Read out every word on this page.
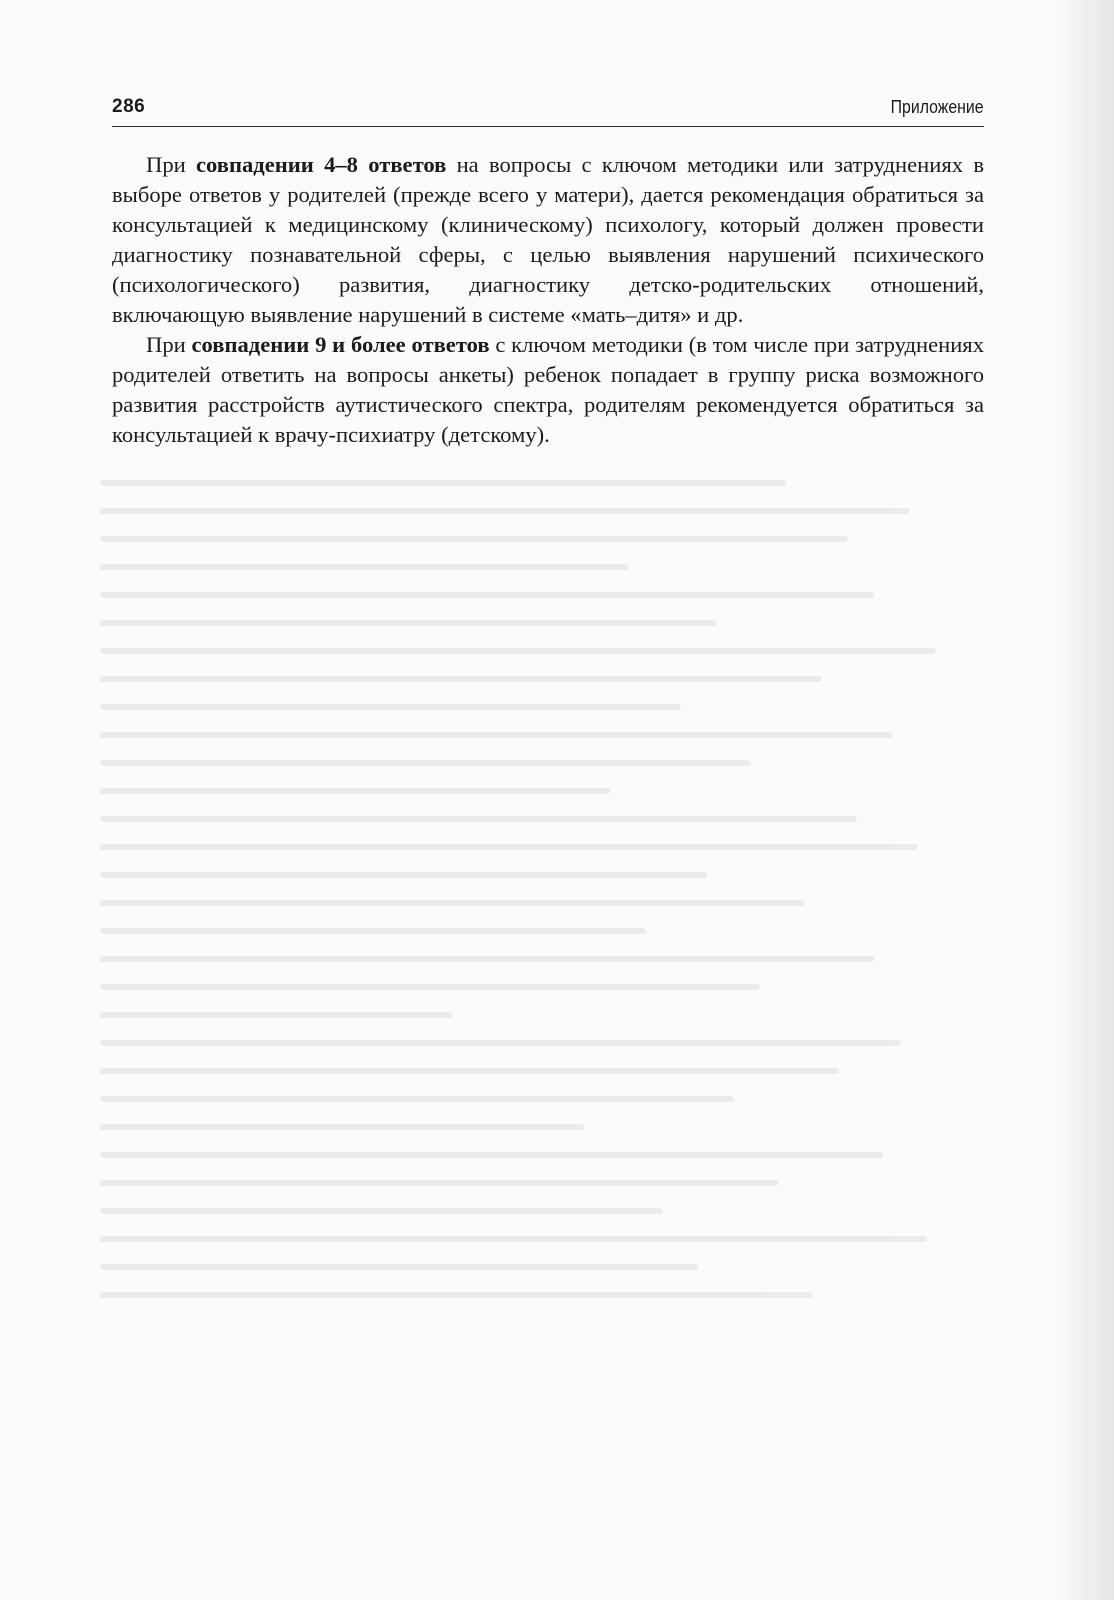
286	Приложение

При совпадении 4–8 ответов на вопросы с ключом методики или затруднениях в выборе ответов у родителей (прежде всего у матери), дается рекомендация обратиться за консультацией к медицинскому (клиническому) психологу, который должен провести диагностику познавательной сферы, с целью выявления нарушений психического (психологического) развития, диагностику детско-родительских отношений, включающую выявление нарушений в системе «мать–дитя» и др.

При совпадении 9 и более ответов с ключом методики (в том числе при затруднениях родителей ответить на вопросы анкеты) ребенок попадает в группу риска возможного развития расстройств аутистического спектра, родителям рекомендуется обратиться за консультацией к врачу-психиатру (детскому).
